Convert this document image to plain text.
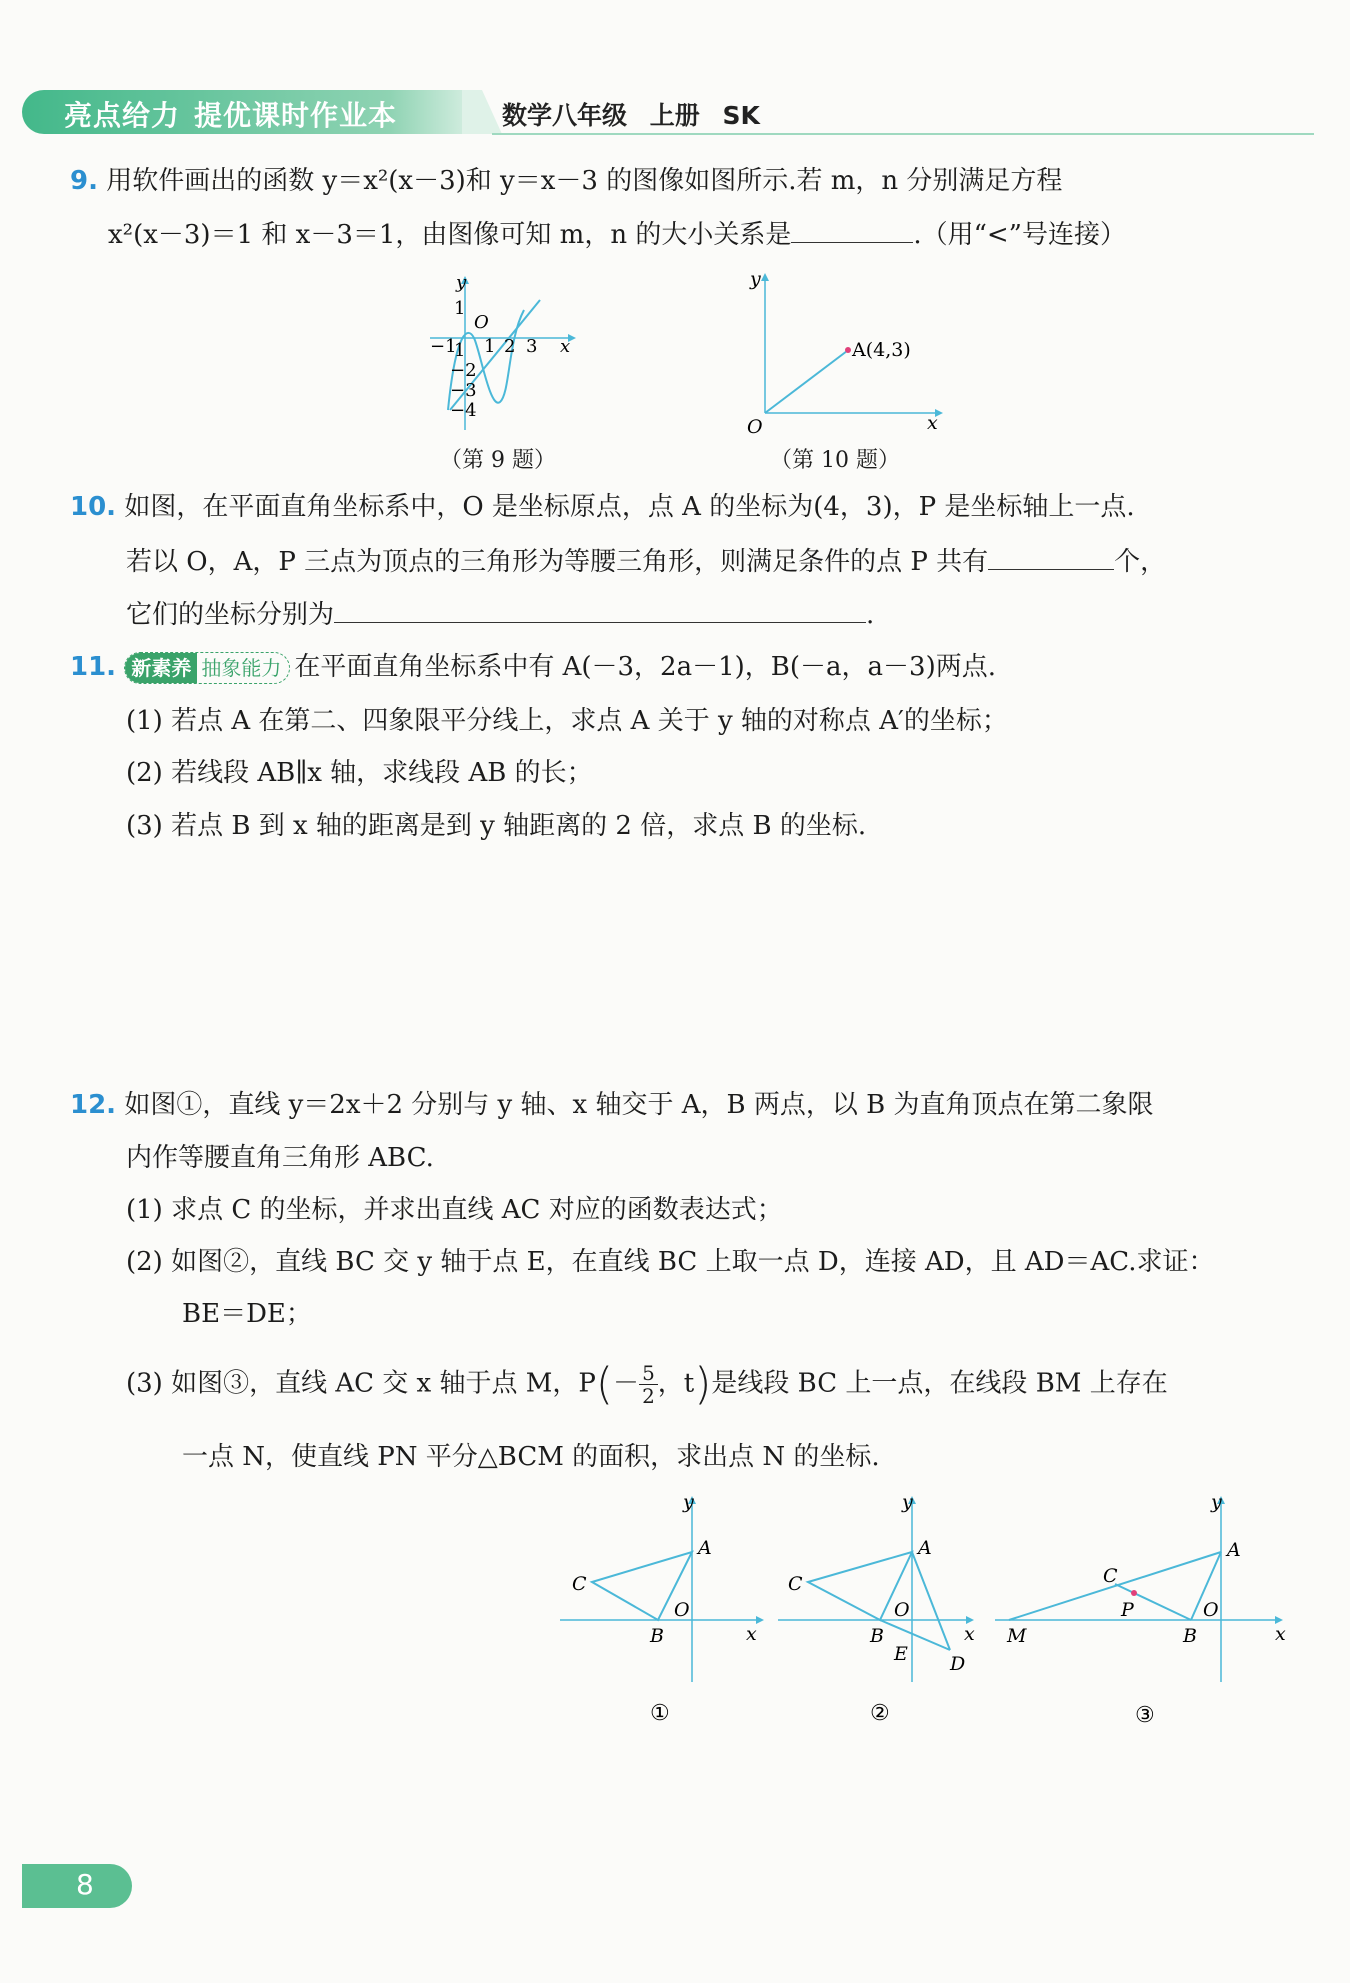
亮点给力 提优课时作业本	数学八年级 上册 SK
9. 用软件画出的函数 y＝x²(x－3)和 y＝x－3 的图像如图所示.若 m，n 分别满足方程
x²(x－3)＝1 和 x－3＝1，由图像可知 m，n 的大小关系是	.（用“<”号连接）
y
1
O
−1 1 2 3 x
1
−2
−3
−4
（第 9 题）
y
O	x
A(4,3)
（第 10 题）
10. 如图，在平面直角坐标系中，O 是坐标原点，点 A 的坐标为(4，3)，P 是坐标轴上一点.
若以 O，A，P 三点为顶点的三角形为等腰三角形，则满足条件的点 P 共有	个，
它们的坐标分别为	.
11. 新素养 抽象能力 在平面直角坐标系中有 A(－3，2a－1)，B(－a，a－3)两点.
(1) 若点 A 在第二、四象限平分线上，求点 A 关于 y 轴的对称点 A′的坐标；
(2) 若线段 AB∥x 轴，求线段 AB 的长；
(3) 若点 B 到 x 轴的距离是到 y 轴距离的 2 倍，求点 B 的坐标.
12. 如图①，直线 y＝2x＋2 分别与 y 轴、x 轴交于 A，B 两点，以 B 为直角顶点在第二象限
内作等腰直角三角形 ABC.
(1) 求点 C 的坐标，并求出直线 AC 对应的函数表达式；
(2) 如图②，直线 BC 交 y 轴于点 E，在直线 BC 上取一点 D，连接 AD，且 AD＝AC.求证：
BE＝DE；
(3) 如图③，直线 AC 交 x 轴于点 M，$P(- \frac{5}{2}$ ，t)是线段 BC 上一点，在线段 BM 上存在
一点 N，使直线 PN 平分△BCM 的面积，求出点 N 的坐标.
y
A
C
O
B	x
①
y
A
C
O
B
E D
x
②
y
A
C
P	O
B
M	x
③
8
